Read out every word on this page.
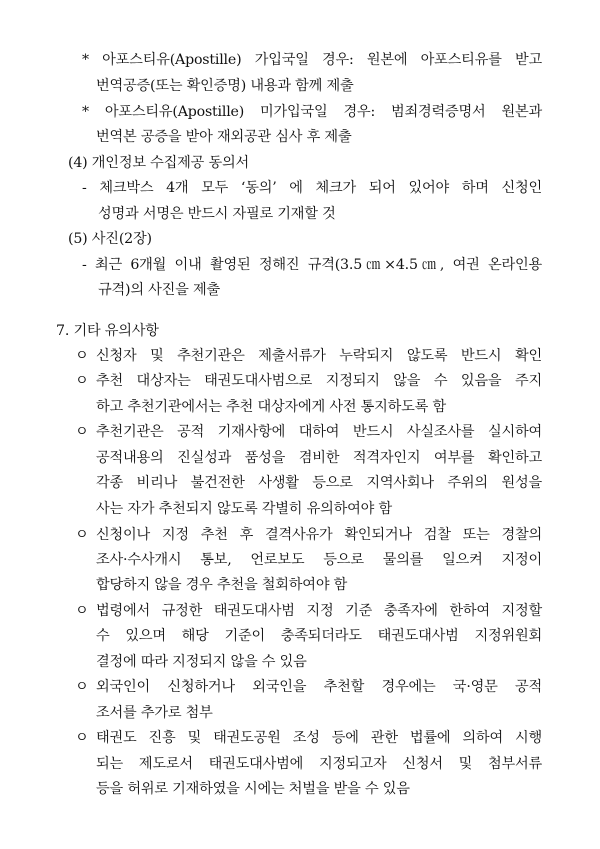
* 아포스티유(Apostille) 가입국일 경우: 원본에 아포스티유를 받고
번역공증(또는 확인증명) 내용과 함께 제출
* 아포스티유(Apostille) 미가입국일 경우: 범죄경력증명서 원본과
번역본 공증을 받아 재외공관 심사 후 제출
(4) 개인정보 수집제공 동의서
- 체크박스 4개 모두 ‘동의’ 에 체크가 되어 있어야 하며 신청인
성명과 서명은 반드시 자필로 기재할 것
(5) 사진(2장)
- 최근 6개월 이내 촬영된 정해진 규격(3.5㎝×4.5㎝, 여권 온라인용
규격)의 사진을 제출
7. 기타 유의사항
ㅇ 신청자 및 추천기관은 제출서류가 누락되지 않도록 반드시 확인
ㅇ 추천 대상자는 태권도대사범으로 지정되지 않을 수 있음을 주지
하고 추천기관에서는 추천 대상자에게 사전 통지하도록 함
ㅇ 추천기관은 공적 기재사항에 대하여 반드시 사실조사를 실시하여
공적내용의 진실성과 품성을 겸비한 적격자인지 여부를 확인하고
각종 비리나 불건전한 사생활 등으로 지역사회나 주위의 원성을
사는 자가 추천되지 않도록 각별히 유의하여야 함
ㅇ 신청이나 지정 추천 후 결격사유가 확인되거나 검찰 또는 경찰의
조사·수사개시 통보, 언로보도 등으로 물의를 일으켜 지정이
합당하지 않을 경우 추천을 철회하여야 함
ㅇ 법령에서 규정한 태권도대사범 지정 기준 충족자에 한하여 지정할
수 있으며 해당 기준이 충족되더라도 태권도대사범 지정위원회
결정에 따라 지정되지 않을 수 있음
ㅇ 외국인이 신청하거나 외국인을 추천할 경우에는 국·영문 공적
조서를 추가로 첨부
ㅇ 태권도 진흥 및 태권도공원 조성 등에 관한 법률에 의하여 시행
되는 제도로서 태권도대사범에 지정되고자 신청서 및 첨부서류
등을 허위로 기재하였을 시에는 처벌을 받을 수 있음
